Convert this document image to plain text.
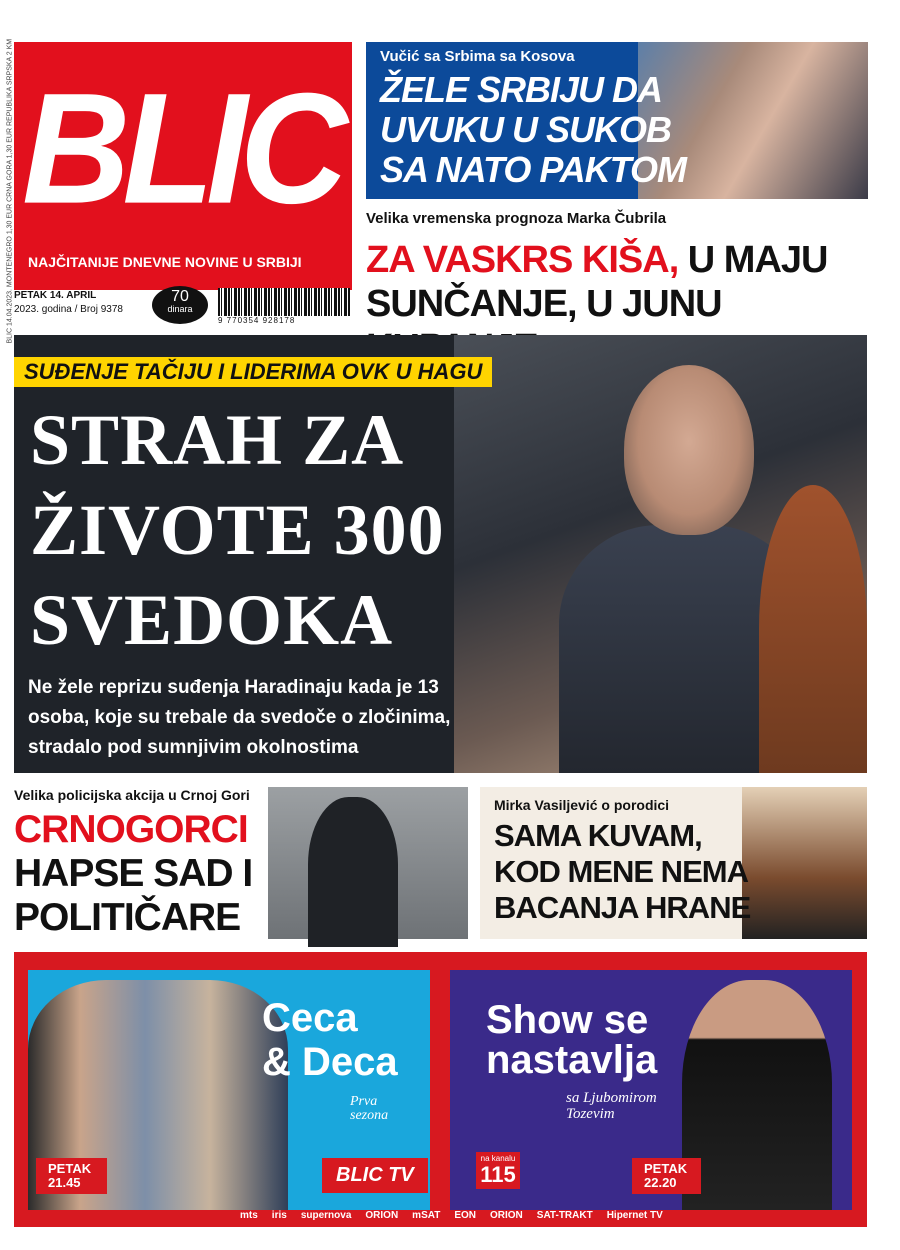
BLIC 14.04.2023. MONTENEGRO 1,30 EUR CRNA GORA 1,30 EUR REPUBLIKA SRPSKA 2 KM BLIC
NAJČITANIJE DNEVNE NOVINE U SRBIJI
PETAK 14. APRIL
2023. godina / Broj 9378
70
dinara
9 770354 928178
Vučić sa Srbima sa Kosova
ŽELE SRBIJU DA
UVUKU U SUKOB
SA NATO PAKTOM
Velika vremenska prognoza Marka Čubrila
ZA VASKRS KIŠA, U MAJU
SUNČANJE, U JUNU
SUĐENJE TAČIJU I LIDERIMA OVK U HAGU
STRAH ZA
ŽIVOTE 300
SVEDOKA
Ne žele reprizu suđenja Haradinaju kada je 13
osoba, koje su trebale da svedoče o zločinima,
stradalo pod sumnjivim okolnostima
Velika policijska akcija u Crnoj Gori
CRNOGORCI
HAPSE SAD I
POLITIČARE
Mirka Vasiljević o porodici
SAMA KUVAM,
KOD MENE NEMA
BACANJA HRANE
Ceca
& Deca
Prva
sezona
PETAK
21.45	BLIC TV
Show se
nastavlja
sa Ljubomirom
Tozevim
na kanalu
115	PETAK
22.20
mts iris supernova ORION mSAT EON ORION SAT-TRAKT Hipernet TV
